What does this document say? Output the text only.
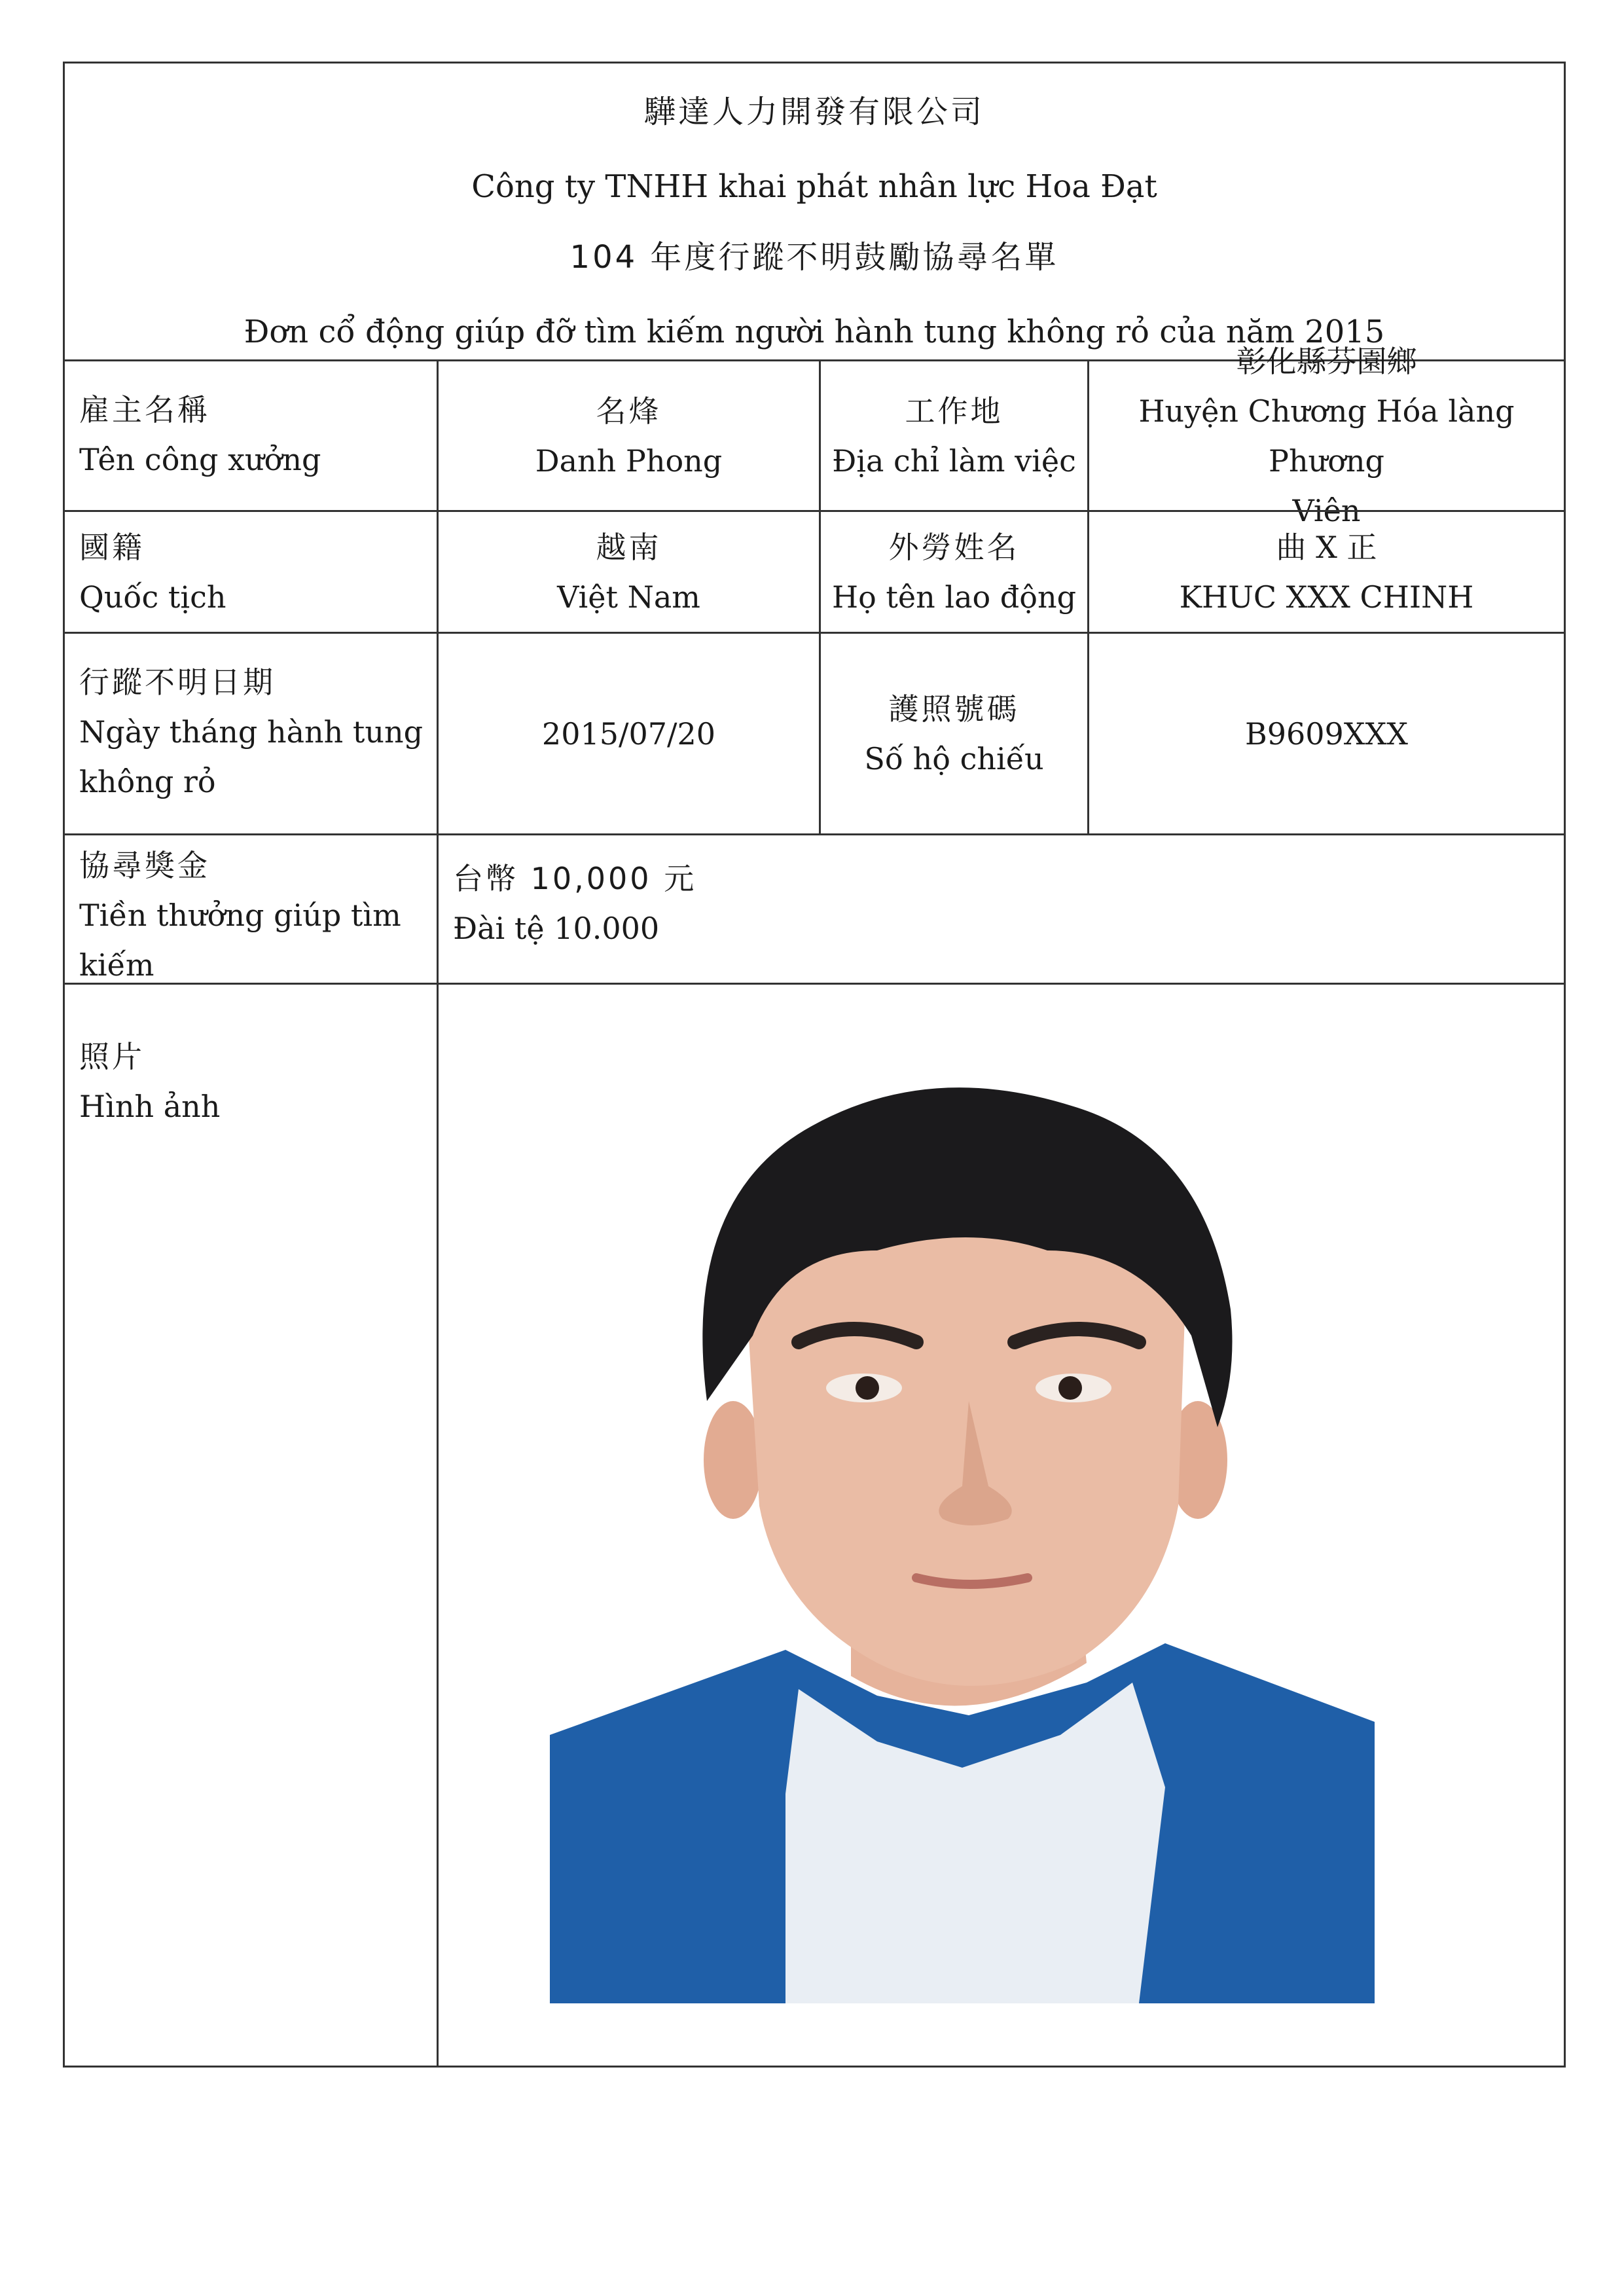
驊達人力開發有限公司
Công ty TNHH khai phát nhân lực Hoa Đạt
104 年度行蹤不明鼓勵協尋名單
Đơn cổ động giúp đỡ tìm kiếm người hành tung không rỏ của năm 2015
雇主名稱
Tên công xưởng
名烽
Danh Phong
工作地
Địa chỉ làm việc
彰化縣芬園鄉
Huyện Chương Hóa làng Phương
Viên
國籍
Quốc tịch
越南
Việt Nam
外勞姓名
Họ tên lao động
曲 X 正
KHUC XXX CHINH
行蹤不明日期
Ngày tháng hành tung
không rỏ
2015/07/20
護照號碼
Số hộ chiếu
B9609XXX
協尋獎金
Tiền thưởng giúp tìm
kiếm
台幣 10,000 元
Đài tệ 10.000
照片
Hình ảnh
